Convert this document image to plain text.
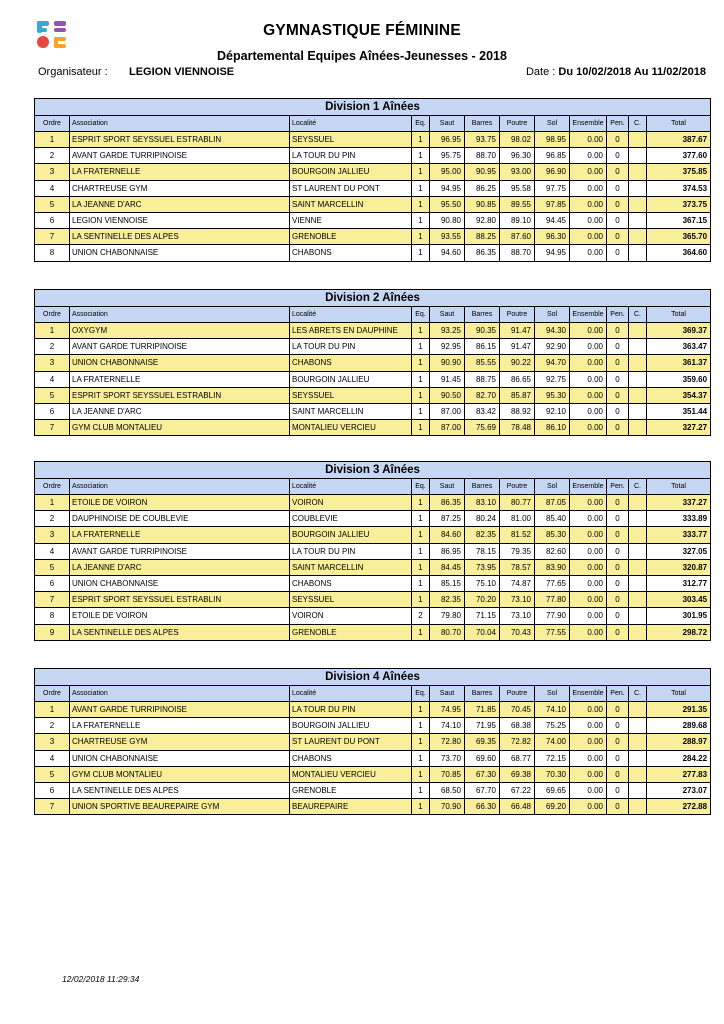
GYMNASTIQUE FÉMININE
Départemental Equipes Aînées-Jeunesses - 2018
Organisateur : LEGION VIENNOISE	Date : Du 10/02/2018 Au 11/02/2018
Division 1 Aînées											
Ordre	Association	Localité	Eq.	Saut	Barres	Poutre	Sol	Ensemble	Pen.	C.	Total
1	ESPRIT SPORT SEYSSUEL ESTRABLIN	SEYSSUEL	1	96.95	93.75	98.02	98.95	0.00	0		387.67
2	AVANT GARDE TURRIPINOISE	LA TOUR DU PIN	1	95.75	88.70	96.30	96.85	0.00	0		377.60
3	LA FRATERNELLE	BOURGOIN JALLIEU	1	95.00	90.95	93.00	96.90	0.00	0		375.85
4	CHARTREUSE GYM	ST LAURENT DU PONT	1	94.95	86.25	95.58	97.75	0.00	0		374.53
5	LA JEANNE D'ARC	SAINT MARCELLIN	1	95.50	90.85	89.55	97.85	0.00	0		373.75
6	LEGION VIENNOISE	VIENNE	1	90.80	92.80	89.10	94.45	0.00	0		367.15
7	LA SENTINELLE DES ALPES	GRENOBLE	1	93.55	88.25	87.60	96.30	0.00	0		365.70
8	UNION CHABONNAISE	CHABONS	1	94.60	86.35	88.70	94.95	0.00	0		364.60
Division 2 Aînées											
Ordre	Association	Localité	Eq.	Saut	Barres	Poutre	Sol	Ensemble	Pen.	C.	Total
1	OXYGYM	LES ABRETS EN DAUPHINE	1	93.25	90.35	91.47	94.30	0.00	0		369.37
2	AVANT GARDE TURRIPINOISE	LA TOUR DU PIN	1	92.95	86.15	91.47	92.90	0.00	0		363.47
3	UNION CHABONNAISE	CHABONS	1	90.90	85.55	90.22	94.70	0.00	0		361.37
4	LA FRATERNELLE	BOURGOIN JALLIEU	1	91.45	88.75	86.65	92.75	0.00	0		359.60
5	ESPRIT SPORT SEYSSUEL ESTRABLIN	SEYSSUEL	1	90.50	82.70	85.87	95.30	0.00	0		354.37
6	LA JEANNE D'ARC	SAINT MARCELLIN	1	87.00	83.42	88.92	92.10	0.00	0		351.44
7	GYM CLUB MONTALIEU	MONTALIEU VERCIEU	1	87.00	75.69	78.48	86.10	0.00	0		327.27
Division 3 Aînées											
Ordre	Association	Localité	Eq.	Saut	Barres	Poutre	Sol	Ensemble	Pen.	C.	Total
1	ETOILE DE VOIRON	VOIRON	1	86.35	83.10	80.77	87.05	0.00	0		337.27
2	DAUPHINOISE DE COUBLEVIE	COUBLEVIE	1	87.25	80.24	81.00	85.40	0.00	0		333.89
3	LA FRATERNELLE	BOURGOIN JALLIEU	1	84.60	82.35	81.52	85.30	0.00	0		333.77
4	AVANT GARDE TURRIPINOISE	LA TOUR DU PIN	1	86.95	78.15	79.35	82.60	0.00	0		327.05
5	LA JEANNE D'ARC	SAINT MARCELLIN	1	84.45	73.95	78.57	83.90	0.00	0		320.87
6	UNION CHABONNAISE	CHABONS	1	85.15	75.10	74.87	77.65	0.00	0		312.77
7	ESPRIT SPORT SEYSSUEL ESTRABLIN	SEYSSUEL	1	82.35	70.20	73.10	77.80	0.00	0		303.45
8	ETOILE DE VOIRON	VOIRON	2	79.80	71.15	73.10	77.90	0.00	0		301.95
9	LA SENTINELLE DES ALPES	GRENOBLE	1	80.70	70.04	70.43	77.55	0.00	0		298.72
Division 4 Aînées											
Ordre	Association	Localité	Eq.	Saut	Barres	Poutre	Sol	Ensemble	Pen.	C.	Total
1	AVANT GARDE TURRIPINOISE	LA TOUR DU PIN	1	74.95	71.85	70.45	74.10	0.00	0		291.35
2	LA FRATERNELLE	BOURGOIN JALLIEU	1	74.10	71.95	68.38	75.25	0.00	0		289.68
3	CHARTREUSE GYM	ST LAURENT DU PONT	1	72.80	69.35	72.82	74.00	0.00	0		288.97
4	UNION CHABONNAISE	CHABONS	1	73.70	69.60	68.77	72.15	0.00	0		284.22
5	GYM CLUB MONTALIEU	MONTALIEU VERCIEU	1	70.85	67.30	69.38	70.30	0.00	0		277.83
6	LA SENTINELLE DES ALPES	GRENOBLE	1	68.50	67.70	67.22	69.65	0.00	0		273.07
7	UNION SPORTIVE BEAUREPAIRE GYM	BEAUREPAIRE	1	70.90	66.30	66.48	69.20	0.00	0		272.88
12/02/2018 11:29:34
